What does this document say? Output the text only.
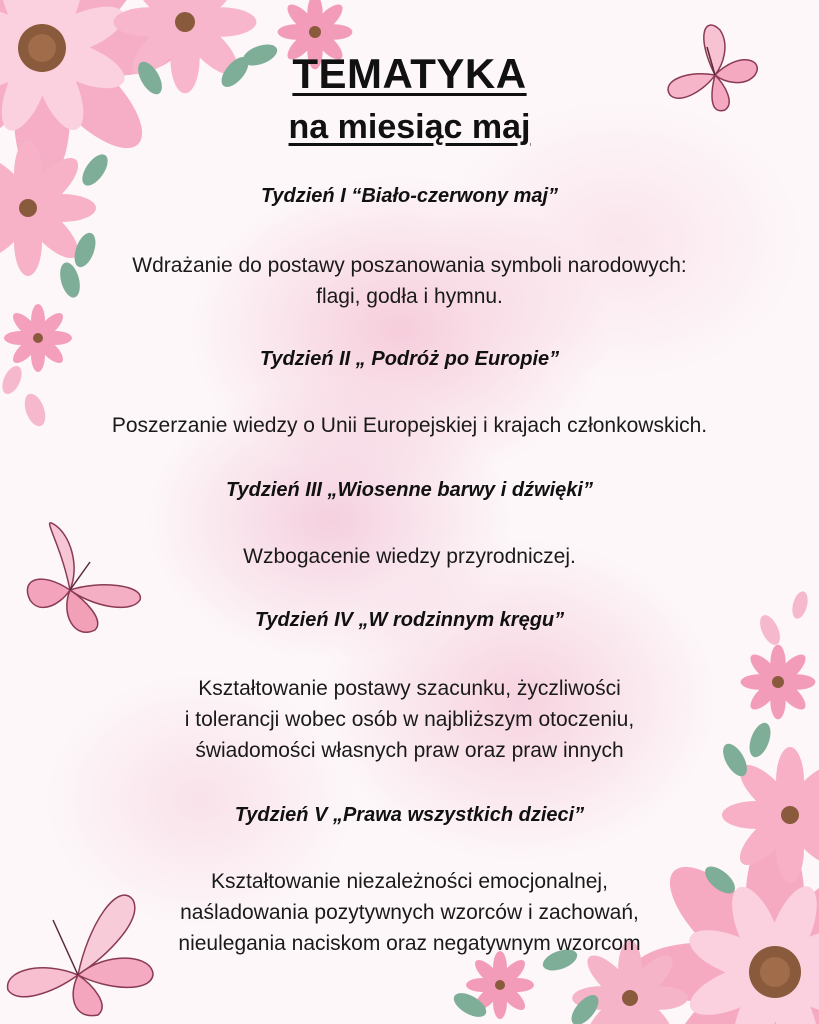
TEMATYKA
na miesiąc maj
Tydzień I “Biało-czerwony maj”
Wdrażanie do postawy poszanowania symboli narodowych:
flagi, godła i hymnu.
Tydzień II „ Podróż po Europie”
Poszerzanie wiedzy o Unii Europejskiej i krajach członkowskich.
Tydzień III „Wiosenne barwy i dźwięki”
Wzbogacenie wiedzy przyrodniczej.
Tydzień IV „W rodzinnym kręgu”
Kształtowanie postawy szacunku, życzliwości
i tolerancji wobec osób w najbliższym otoczeniu,
świadomości własnych praw oraz praw innych
Tydzień V „Prawa wszystkich dzieci”
Kształtowanie niezależności emocjonalnej,
naśladowania pozytywnych wzorców i zachowań,
nieulegania naciskom oraz negatywnym wzorcom
